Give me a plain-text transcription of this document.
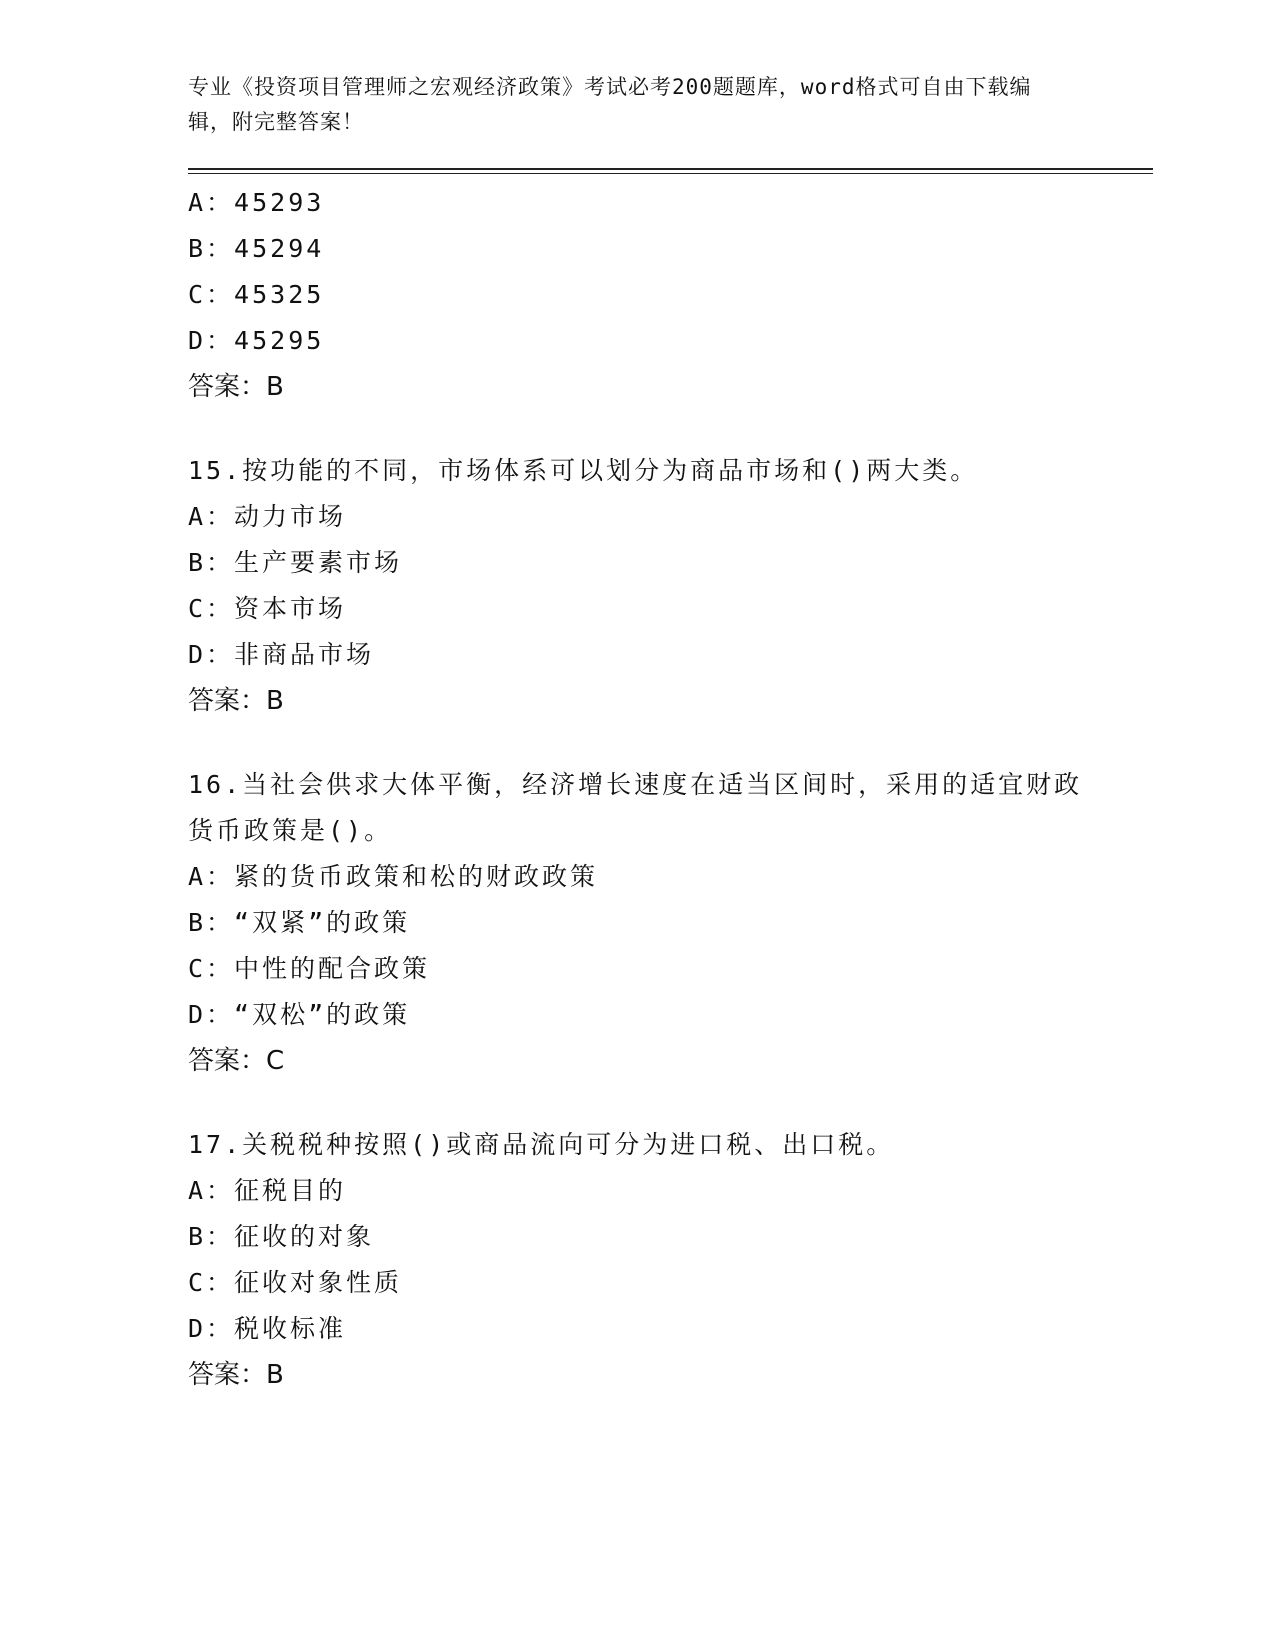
专业《投资项目管理师之宏观经济政策》考试必考200题题库，word格式可自由下载编辑，附完整答案！
A：45293
B：45294
C：45325
D：45295
答案：B
15.按功能的不同，市场体系可以划分为商品市场和()两大类。
A：动力市场
B：生产要素市场
C：资本市场
D：非商品市场
答案：B
16.当社会供求大体平衡，经济增长速度在适当区间时，采用的适宜财政货币政策是()。
A：紧的货币政策和松的财政政策
B：“双紧”的政策
C：中性的配合政策
D：“双松”的政策
答案：C
17.关税税种按照()或商品流向可分为进口税、出口税。
A：征税目的
B：征收的对象
C：征收对象性质
D：税收标准
答案：B
